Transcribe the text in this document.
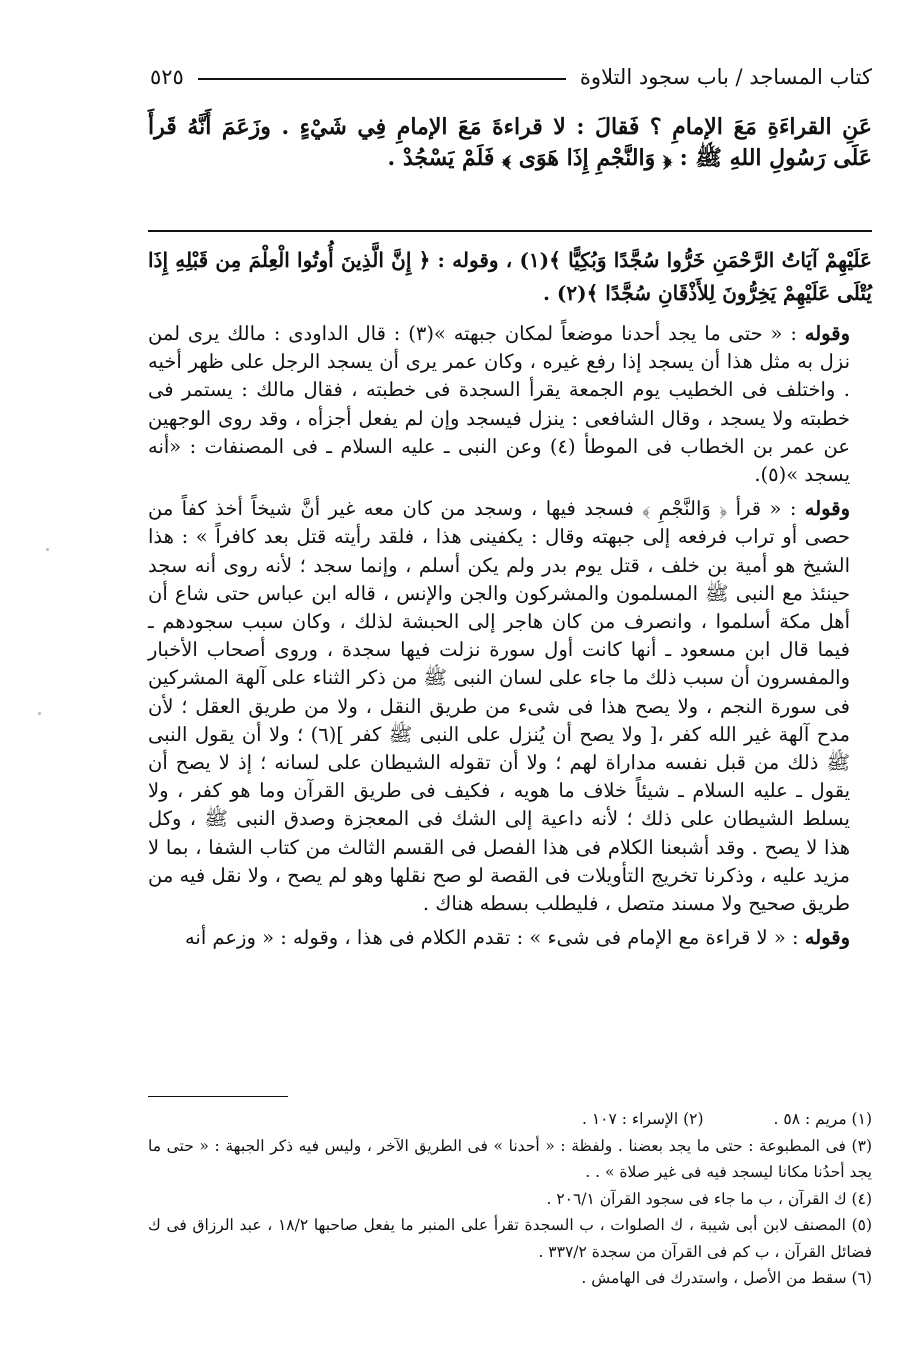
كتاب المساجد / باب سجود التلاوة
٥٢٥

عَنِ القراءَةِ مَعَ الإمامِ ؟ فَقالَ : لا قراءةَ مَعَ الإمامِ فِي شَيْءٍ . وزَعَمَ أَنَّهُ قَرأَ عَلَى رَسُولِ اللهِ ﷺ : ﴿ وَالنَّجْمِ إِذَا هَوَى ﴾ فَلَمْ يَسْجُدْ .

عَلَيْهِمْ آيَاتُ الرَّحْمَنِ خَرُّوا سُجَّدًا وَبُكِيًّا ﴾(١) ، وقوله : ﴿ إِنَّ الَّذِينَ أُوتُوا الْعِلْمَ مِن قَبْلِهِ إِذَا يُتْلَى عَلَيْهِمْ يَخِرُّونَ لِلأَذْقَانِ سُجَّدًا ﴾(٢) .

وقوله : « حتى ما يجد أحدنا موضعاً لمكان جبهته »(٣) : قال الداودى : مالك يرى لمن نزل به مثل هذا أن يسجد إذا رفع غيره ، وكان عمر يرى أن يسجد الرجل على ظهر أخيه . واختلف فى الخطيب يوم الجمعة يقرأ السجدة فى خطبته ، فقال مالك : يستمر فى خطبته ولا يسجد ، وقال الشافعى : ينزل فيسجد وإن لم يفعل أجزأه ، وقد روى الوجهين عن عمر بن الخطاب فى الموطأ (٤) وعن النبى ـ عليه السلام ـ فى المصنفات : «أنه يسجد »(٥).

وقوله : « قرأ ﴿ وَالنَّجْمِ ﴾ فسجد فيها ، وسجد من كان معه غير أنَّ شيخاً أخذ كفاً من حصى أو تراب فرفعه إلى جبهته وقال : يكفينى هذا ، فلقد رأيته قتل بعد كافراً » : هذا الشيخ هو أمية بن خلف ، قتل يوم بدر ولم يكن أسلم ، وإنما سجد ؛ لأنه روى أنه سجد حينئذ مع النبى ﷺ المسلمون والمشركون والجن والإنس ، قاله ابن عباس حتى شاع أن أهل مكة أسلموا ، وانصرف من كان هاجر إلى الحبشة لذلك ، وكان سبب سجودهم ـ فيما قال ابن مسعود ـ أنها كانت أول سورة نزلت فيها سجدة ، وروى أصحاب الأخبار والمفسرون أن سبب ذلك ما جاء على لسان النبى ﷺ من ذكر الثناء على آلهة المشركين فى سورة النجم ، ولا يصح هذا فى شىء من طريق النقل ، ولا من طريق العقل ؛ لأن مدح آلهة غير الله كفر ،[ ولا يصح أن يُنزل على النبى ﷺ كفر ](٦) ؛ ولا أن يقول النبى ﷺ ذلك من قبل نفسه مداراة لهم ؛ ولا أن تقوله الشيطان على لسانه ؛ إذ لا يصح أن يقول ـ عليه السلام ـ شيئاً خلاف ما هويه ، فكيف فى طريق القرآن وما هو كفر ، ولا يسلط الشيطان على ذلك ؛ لأنه داعية إلى الشك فى المعجزة وصدق النبى ﷺ ، وكل هذا لا يصح . وقد أشبعنا الكلام فى هذا الفصل فى القسم الثالث من كتاب الشفا ، بما لا مزيد عليه ، وذكرنا تخريج التأويلات فى القصة لو صح نقلها وهو لم يصح ، ولا نقل فيه من طريق صحيح ولا مسند متصل ، فليطلب بسطه هناك .

وقوله : « لا قراءة مع الإمام فى شىء » : تقدم الكلام فى هذا ، وقوله : « وزعم أنه

(١) مريم : ٥٨ .
(٢) الإسراء : ١٠٧ .

(٣) فى المطبوعة : حتى ما يجد بعضنا . ولفظة : « أحدنا » فى الطريق الآخر ، وليس فيه ذكر الجبهة : « حتى ما يجد أحدُنا مكانا ليسجد فيه فى غير صلاة » . .

(٤) ك القرآن ، ب ما جاء فى سجود القرآن ٢٠٦/١ .

(٥) المصنف لابن أبى شيبة ، ك الصلوات ، ب السجدة تقرأ على المنبر ما يفعل صاحبها ١٨/٢ ، عبد الرزاق فى ك فضائل القرآن ، ب كم فى القرآن من سجدة ٣٣٧/٢ .

(٦) سقط من الأصل ، واستدرك فى الهامش .
